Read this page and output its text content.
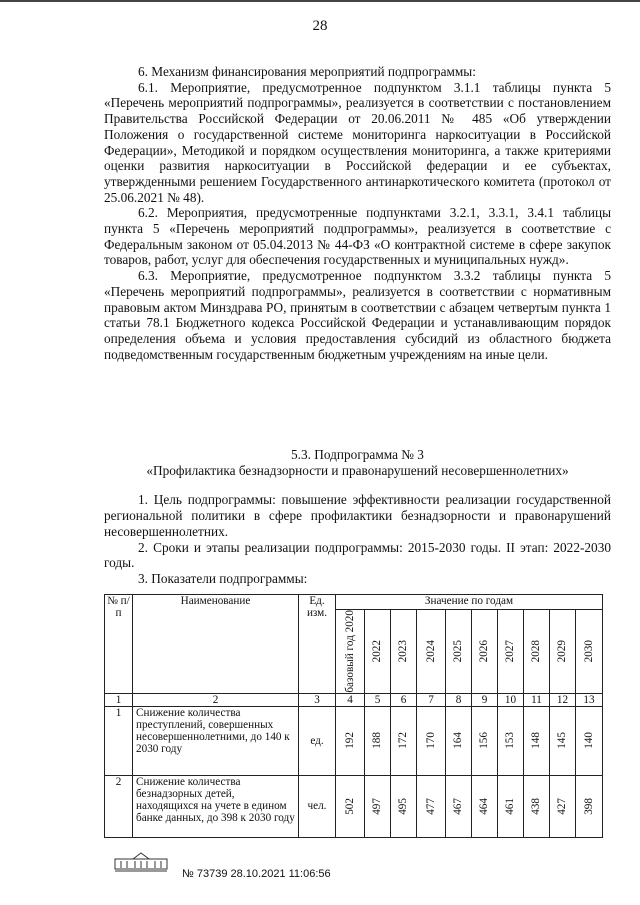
28

6. Механизм финансирования мероприятий подпрограммы:

6.1. Мероприятие, предусмотренное подпунктом 3.1.1 таблицы пункта 5 «Перечень мероприятий подпрограммы», реализуется в соответствии с постановлением Правительства Российской Федерации от 20.06.2011 № 485 «Об утверждении Положения о государственной системе мониторинга наркоситуации в Российской Федерации», Методикой и порядком осуществления мониторинга, а также критериями оценки развития наркоситуации в Российской федерации и ее субъектах, утвержденными решением Государственного антинаркотического комитета (протокол от 25.06.2021 № 48).

6.2. Мероприятия, предусмотренные подпунктами 3.2.1, 3.3.1, 3.4.1 таблицы пункта 5 «Перечень мероприятий подпрограммы», реализуется в соответствие с Федеральным законом от 05.04.2013 № 44-ФЗ «О контрактной системе в сфере закупок товаров, работ, услуг для обеспечения государственных и муниципальных нужд».

6.3. Мероприятие, предусмотренное подпунктом 3.3.2 таблицы пункта 5 «Перечень мероприятий подпрограммы», реализуется в соответствии с нормативным правовым актом Минздрава РО, принятым в соответствии с абзацем четвертым пункта 1 статьи 78.1 Бюджетного кодекса Российской Федерации и устанавливающим порядок определения объема и условия предоставления субсидий из областного бюджета подведомственным государственным бюджетным учреждениям на иные цели.

5.3. Подпрограмма № 3

«Профилактика безнадзорности и правонарушений несовершеннолетних»

1. Цель подпрограммы: повышение эффективности реализации государственной региональной политики в сфере профилактики безнадзорности и правонарушений несовершеннолетних.

2. Сроки и этапы реализации подпрограммы: 2015-2030 годы. II этап: 2022-2030 годы.

3. Показатели подпрограммы:

№ п/п	Наименование	Ед. изм.	Значение по годам									

			базовый год 2020	2022	2023	2024	2025	2026	2027	2028	2029	2030

1	2	3	4	5	6	7	8	9	10	11	12	13
1	Снижение количества преступлений, совершенных несовершеннолетними, до 140 к 2030 году	ед.	192	188	172	170	164	156	153	148	145	140

2	Снижение количества безнадзорных детей, находящихся на учете в едином банке данных, до 398 к 2030 году	чел.	502	497	495	477	467	464	461	438	427	398
№ 73739 28.10.2021 11:06:56
